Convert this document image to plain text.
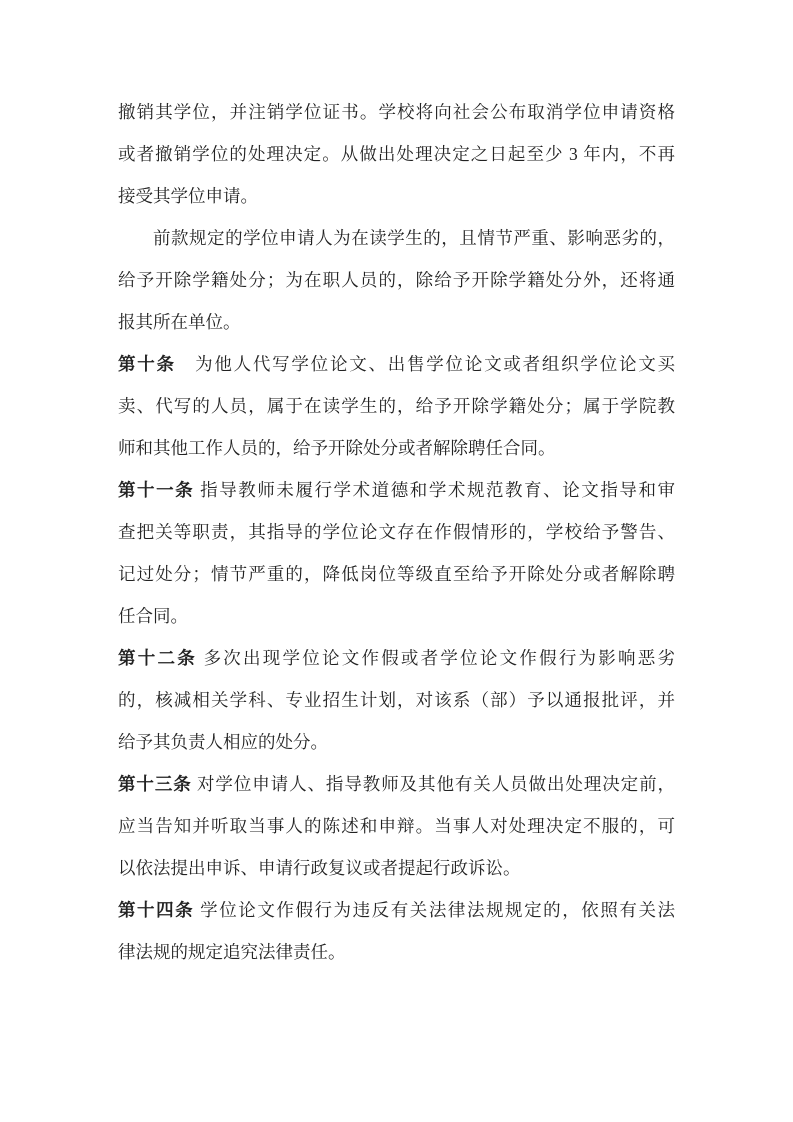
撤销其学位，并注销学位证书。学校将向社会公布取消学位申请资格
或者撤销学位的处理决定。从做出处理决定之日起至少 3 年内，不再
接受其学位申请。
前款规定的学位申请人为在读学生的，且情节严重、影响恶劣的，
给予开除学籍处分；为在职人员的，除给予开除学籍处分外，还将通
报其所在单位。
第十条　为他人代写学位论文、出售学位论文或者组织学位论文买
卖、代写的人员，属于在读学生的，给予开除学籍处分；属于学院教
师和其他工作人员的，给予开除处分或者解除聘任合同。
第十一条 指导教师未履行学术道德和学术规范教育、论文指导和审
查把关等职责，其指导的学位论文存在作假情形的，学校给予警告、
记过处分；情节严重的，降低岗位等级直至给予开除处分或者解除聘
任合同。
第十二条 多次出现学位论文作假或者学位论文作假行为影响恶劣
的，核减相关学科、专业招生计划，对该系（部）予以通报批评，并
给予其负责人相应的处分。
第十三条 对学位申请人、指导教师及其他有关人员做出处理决定前，
应当告知并听取当事人的陈述和申辩。当事人对处理决定不服的，可
以依法提出申诉、申请行政复议或者提起行政诉讼。
第十四条 学位论文作假行为违反有关法律法规规定的，依照有关法
律法规的规定追究法律责任。
